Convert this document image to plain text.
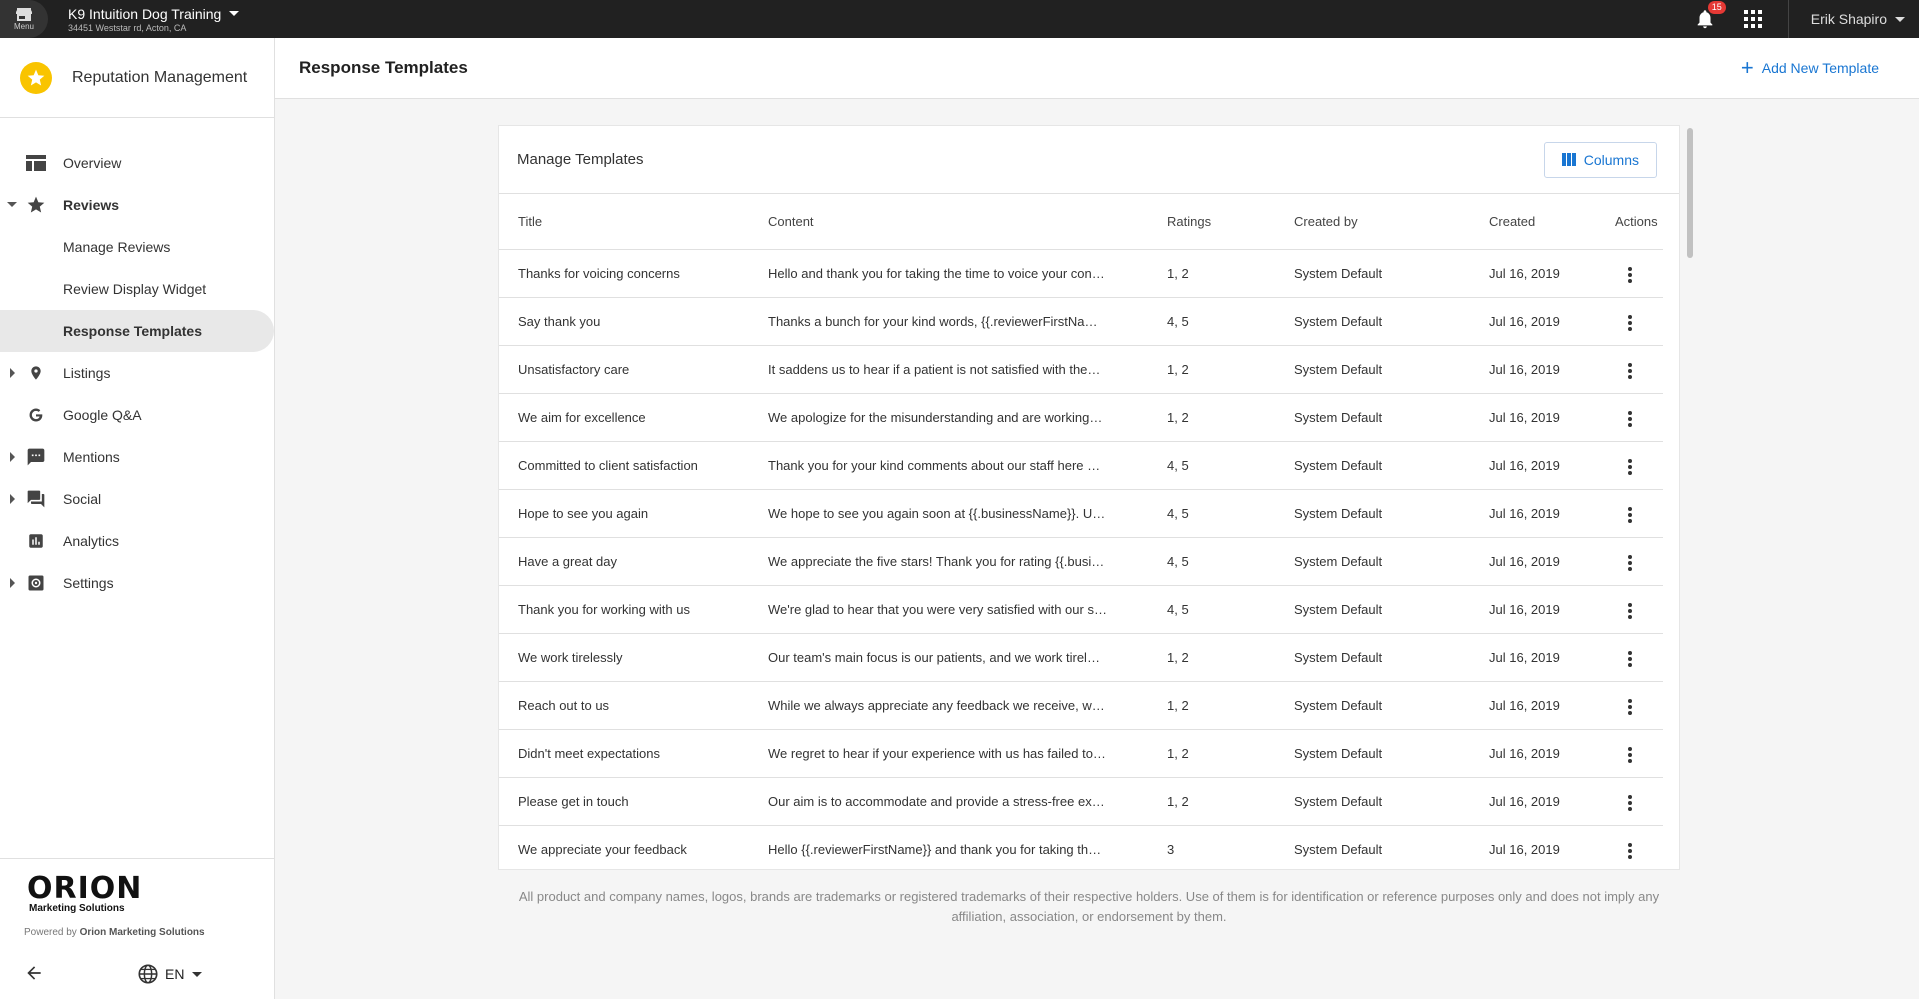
Menu
K9 Intuition Dog Training
34451 Weststar rd, Acton, CA
15
Erik Shapiro
Reputation Management
Overview
Reviews
Manage Reviews
Review Display Widget
Response Templates
Listings
Google Q&A
Mentions
Social
Analytics
Settings
ORION
Marketing Solutions
Powered by Orion Marketing Solutions
EN
Response Templates	+ Add New Template
Manage Templates	Columns
Title	Content	Ratings	Created by	Created	Actions
Thanks for voicing concerns	Hello and thank you for taking the time to voice your con…	1, 2	System Default	Jul 16, 2019	

Say thank you	Thanks a bunch for your kind words, {{.reviewerFirstNa…	4, 5	System Default	Jul 16, 2019	

Unsatisfactory care	It saddens us to hear if a patient is not satisfied with the…	1, 2	System Default	Jul 16, 2019	

We aim for excellence	We apologize for the misunderstanding and are working…	1, 2	System Default	Jul 16, 2019	

Committed to client satisfaction	Thank you for your kind comments about our staff here …	4, 5	System Default	Jul 16, 2019	

Hope to see you again	We hope to see you again soon at {{.businessName}}. U…	4, 5	System Default	Jul 16, 2019	

Have a great day	We appreciate the five stars! Thank you for rating {{.busi…	4, 5	System Default	Jul 16, 2019	

Thank you for working with us	We're glad to hear that you were very satisfied with our s…	4, 5	System Default	Jul 16, 2019	

We work tirelessly	Our team's main focus is our patients, and we work tirel…	1, 2	System Default	Jul 16, 2019	

Reach out to us	While we always appreciate any feedback we receive, w…	1, 2	System Default	Jul 16, 2019	

Didn't meet expectations	We regret to hear if your experience with us has failed to…	1, 2	System Default	Jul 16, 2019	

Please get in touch	Our aim is to accommodate and provide a stress-free ex…	1, 2	System Default	Jul 16, 2019	

We appreciate your feedback	Hello {{.reviewerFirstName}} and thank you for taking th…	3	System Default	Jul 16, 2019	
All product and company names, logos, brands are trademarks or registered trademarks of their respective holders. Use of them is for identification or reference purposes only and does not imply any affiliation, association, or endorsement by them.
